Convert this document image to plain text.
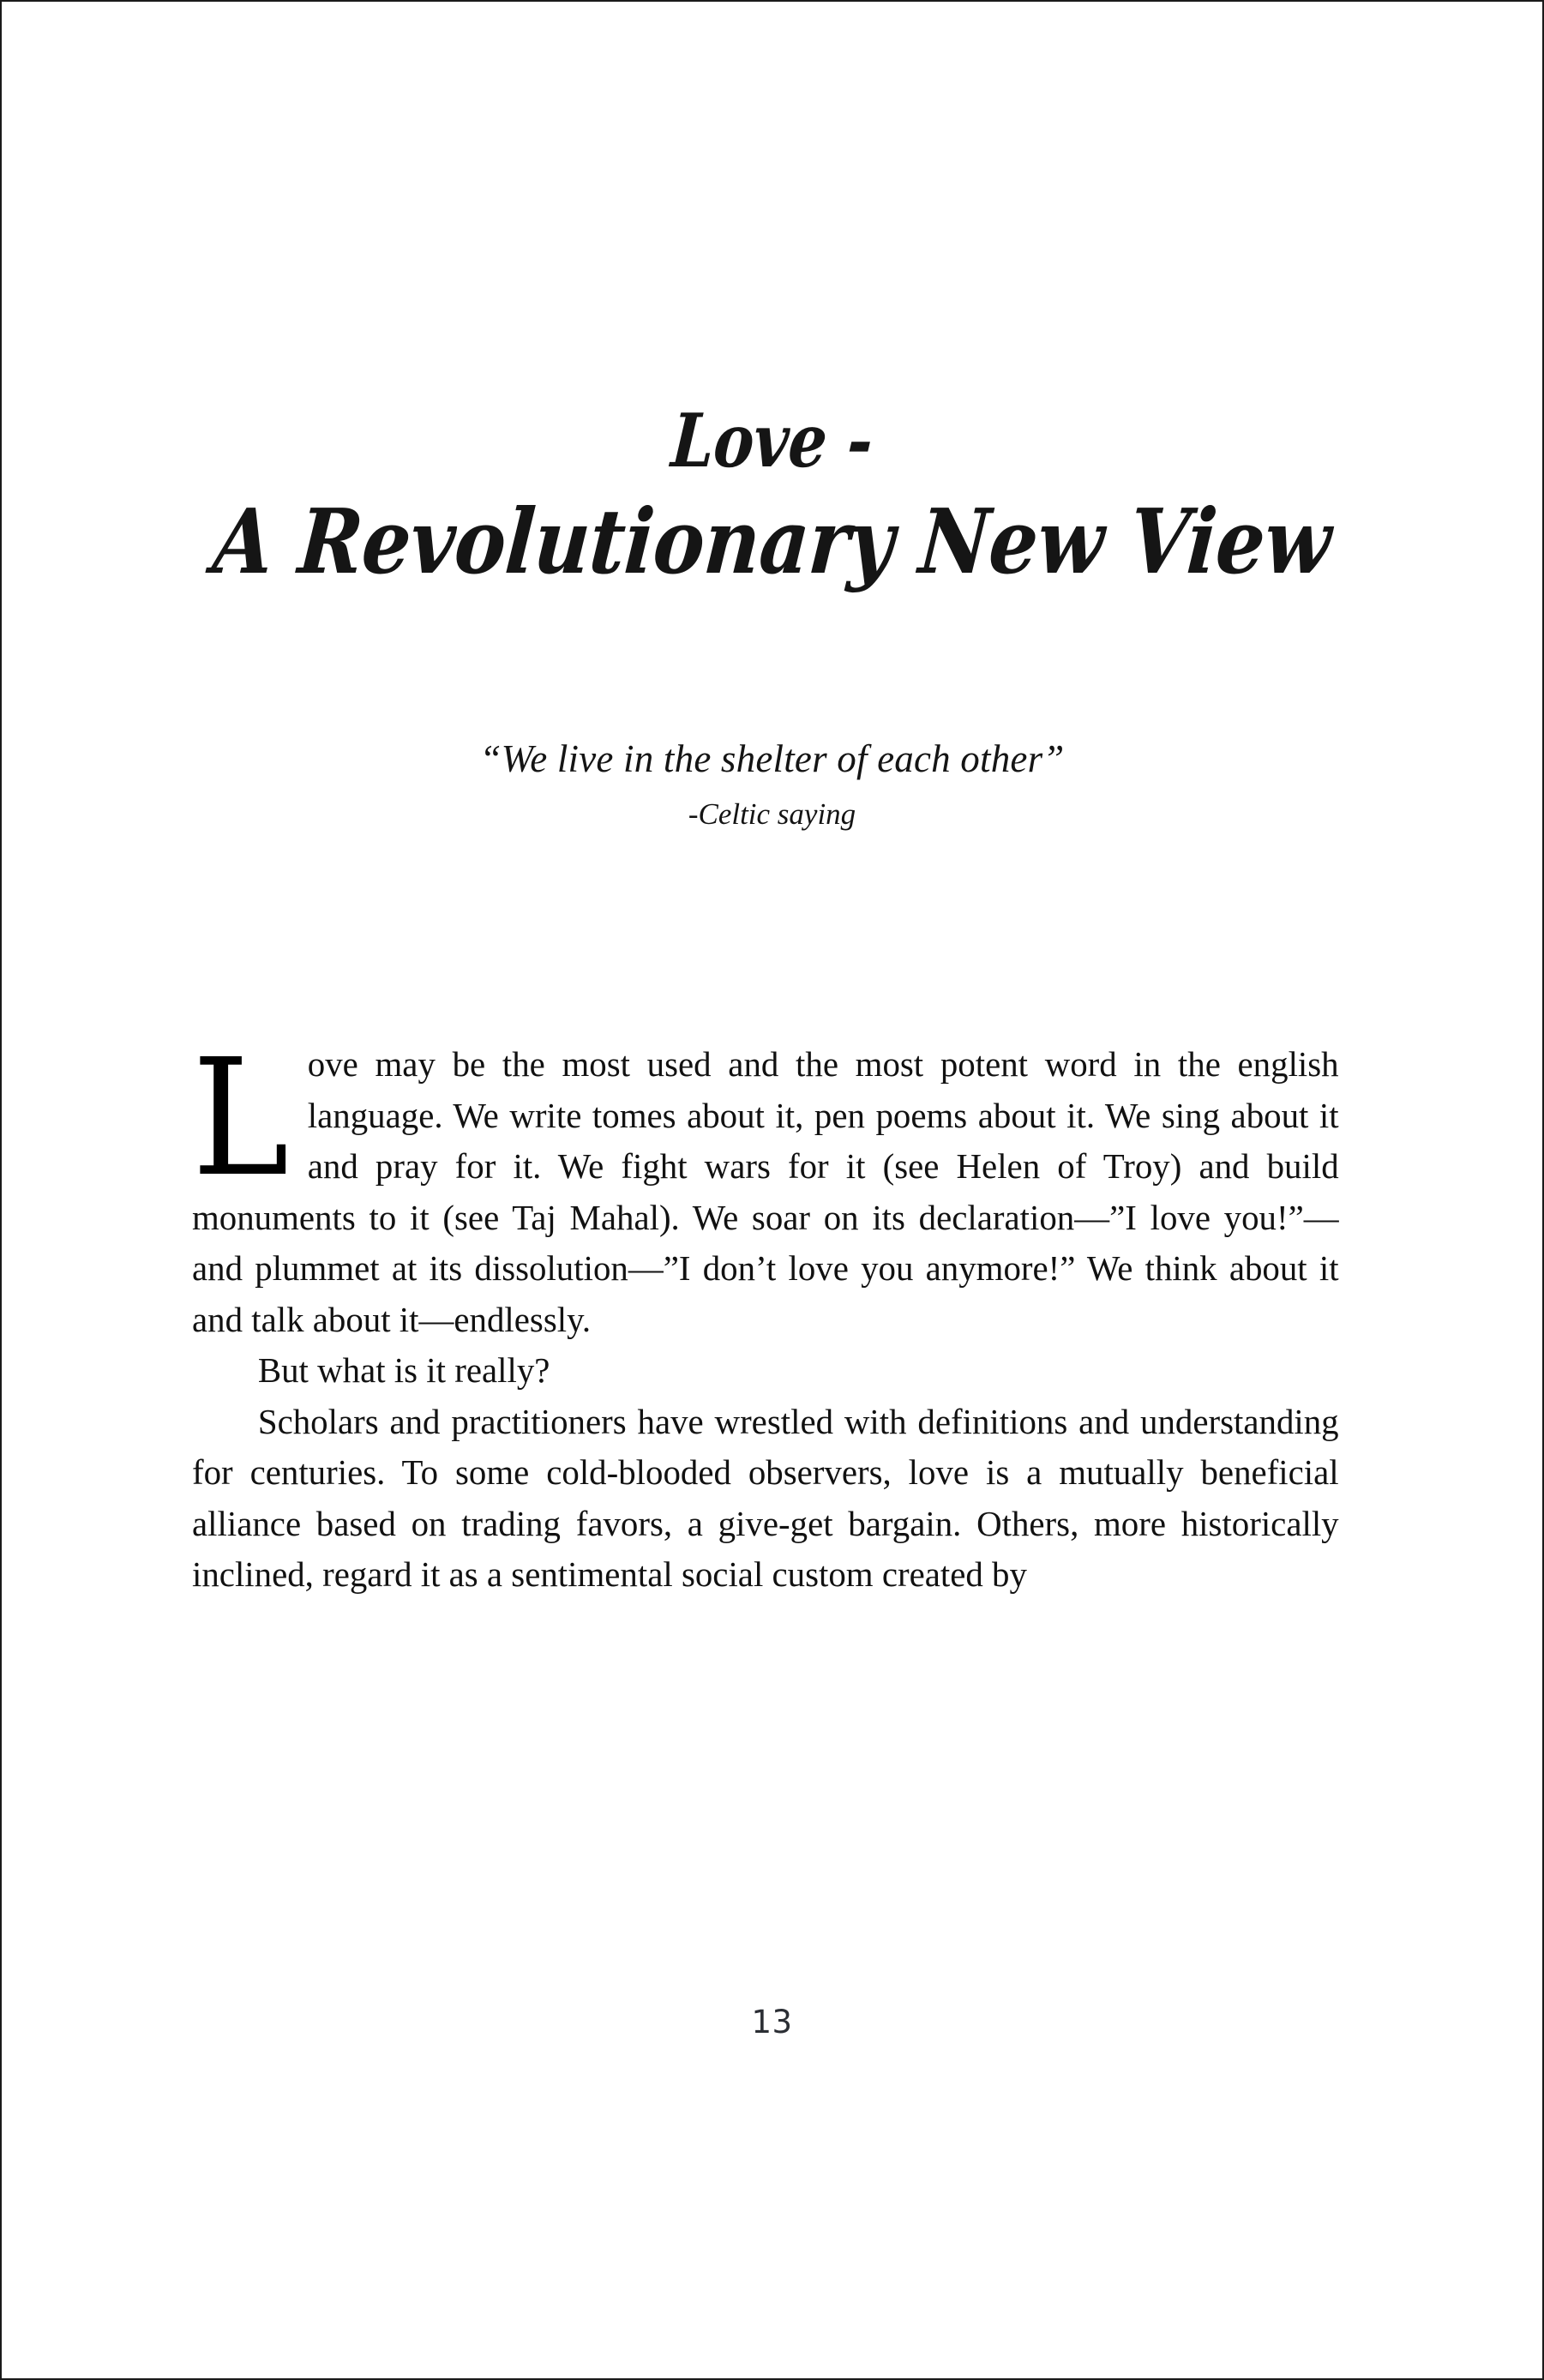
Love -
A Revolutionary New View
“We live in the shelter of each other”
-Celtic saying

Love may be the most used and the most potent word in the english language. We write tomes about it, pen poems about it. We sing about it and pray for it. We fight wars for it (see Helen of Troy) and build monuments to it (see Taj Mahal). We soar on its declaration—”I love you!”— and plummet at its dissolution—”I don’t love you anymore!” We think about it and talk about it—endlessly.

But what is it really?

Scholars and practitioners have wrestled with definitions and understanding for centuries. To some cold-blooded observers, love is a mutually beneficial alliance based on trading favors, a give-get bargain. Others, more historically inclined, regard it as a sentimental social custom created by

13
